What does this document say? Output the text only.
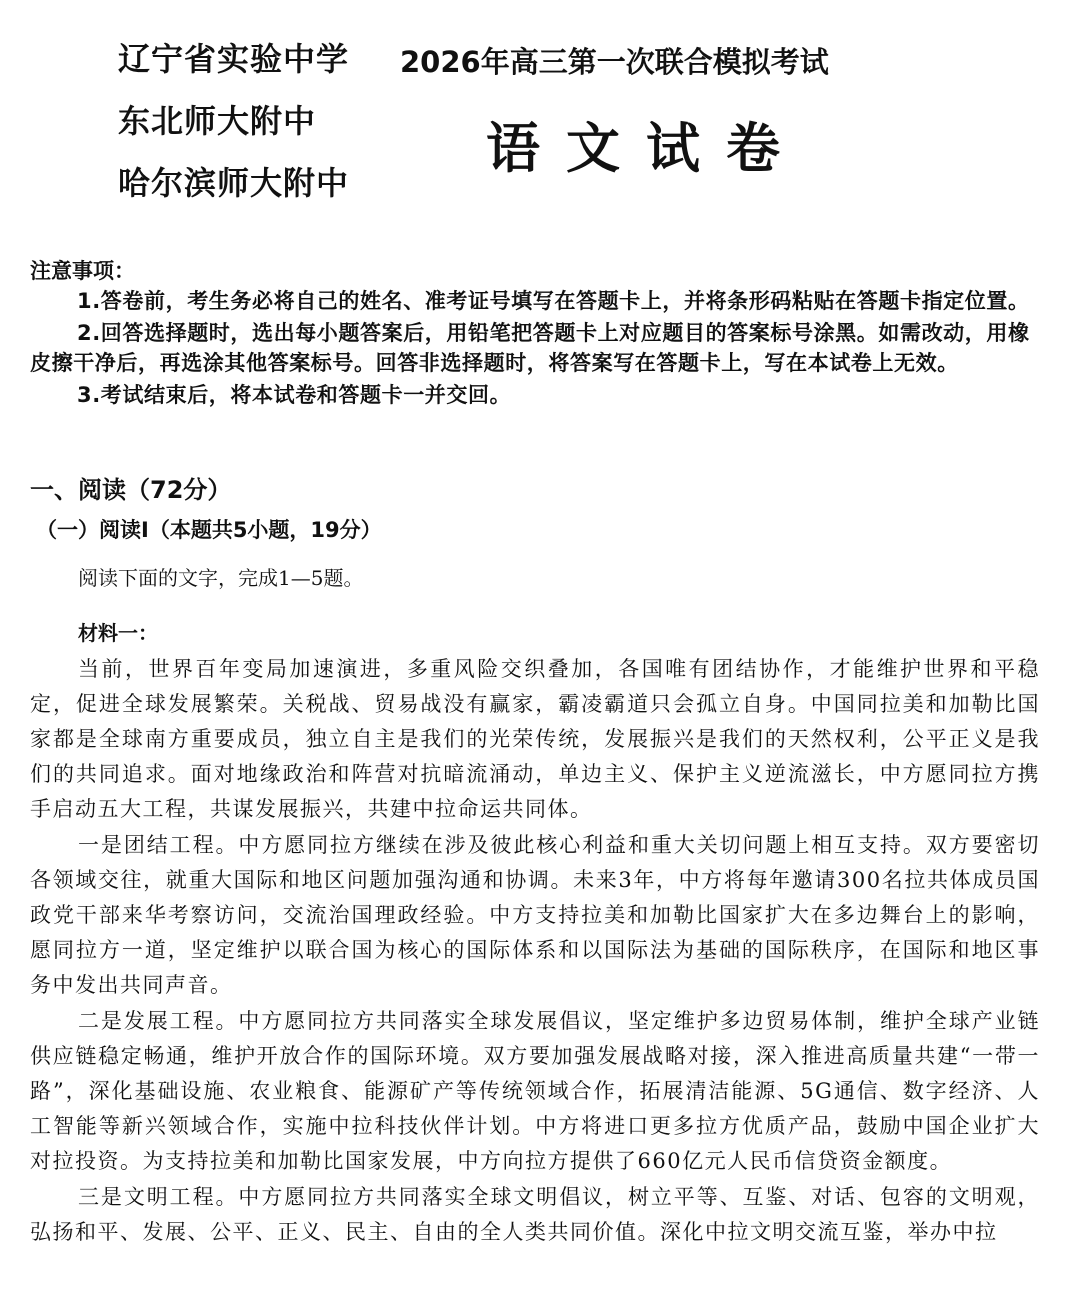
辽宁省实验中学
东北师大附中
哈尔滨师大附中
2026年高三第一次联合模拟考试
语文试卷
注意事项：

1.答卷前，考生务必将自己的姓名、准考证号填写在答题卡上，并将条形码粘贴在答题卡指定位置。

2.回答选择题时，选出每小题答案后，用铅笔把答题卡上对应题目的答案标号涂黑。如需改动，用橡皮擦干净后，再选涂其他答案标号。回答非选择题时，将答案写在答题卡上，写在本试卷上无效。

3.考试结束后，将本试卷和答题卡一并交回。

一、阅读（72分）
（一）阅读Ⅰ（本题共5小题，19分）
阅读下面的文字，完成1—5题。
材料一：

当前，世界百年变局加速演进，多重风险交织叠加，各国唯有团结协作，才能维护世界和平稳定，促进全球发展繁荣。关税战、贸易战没有赢家，霸凌霸道只会孤立自身。中国同拉美和加勒比国家都是全球南方重要成员，独立自主是我们的光荣传统，发展振兴是我们的天然权利，公平正义是我们的共同追求。面对地缘政治和阵营对抗暗流涌动，单边主义、保护主义逆流滋长，中方愿同拉方携手启动五大工程，共谋发展振兴，共建中拉命运共同体。

一是团结工程。中方愿同拉方继续在涉及彼此核心利益和重大关切问题上相互支持。双方要密切各领域交往，就重大国际和地区问题加强沟通和协调。未来3年，中方将每年邀请300名拉共体成员国政党干部来华考察访问，交流治国理政经验。中方支持拉美和加勒比国家扩大在多边舞台上的影响，愿同拉方一道，坚定维护以联合国为核心的国际体系和以国际法为基础的国际秩序，在国际和地区事务中发出共同声音。

二是发展工程。中方愿同拉方共同落实全球发展倡议，坚定维护多边贸易体制，维护全球产业链供应链稳定畅通，维护开放合作的国际环境。双方要加强发展战略对接，深入推进高质量共建“一带一路”，深化基础设施、农业粮食、能源矿产等传统领域合作，拓展清洁能源、5G通信、数字经济、人工智能等新兴领域合作，实施中拉科技伙伴计划。中方将进口更多拉方优质产品，鼓励中国企业扩大对拉投资。为支持拉美和加勒比国家发展，中方向拉方提供了660亿元人民币信贷资金额度。

三是文明工程。中方愿同拉方共同落实全球文明倡议，树立平等、互鉴、对话、包容的文明观，弘扬和平、发展、公平、正义、民主、自由的全人类共同价值。深化中拉文明交流互鉴，举办中拉
